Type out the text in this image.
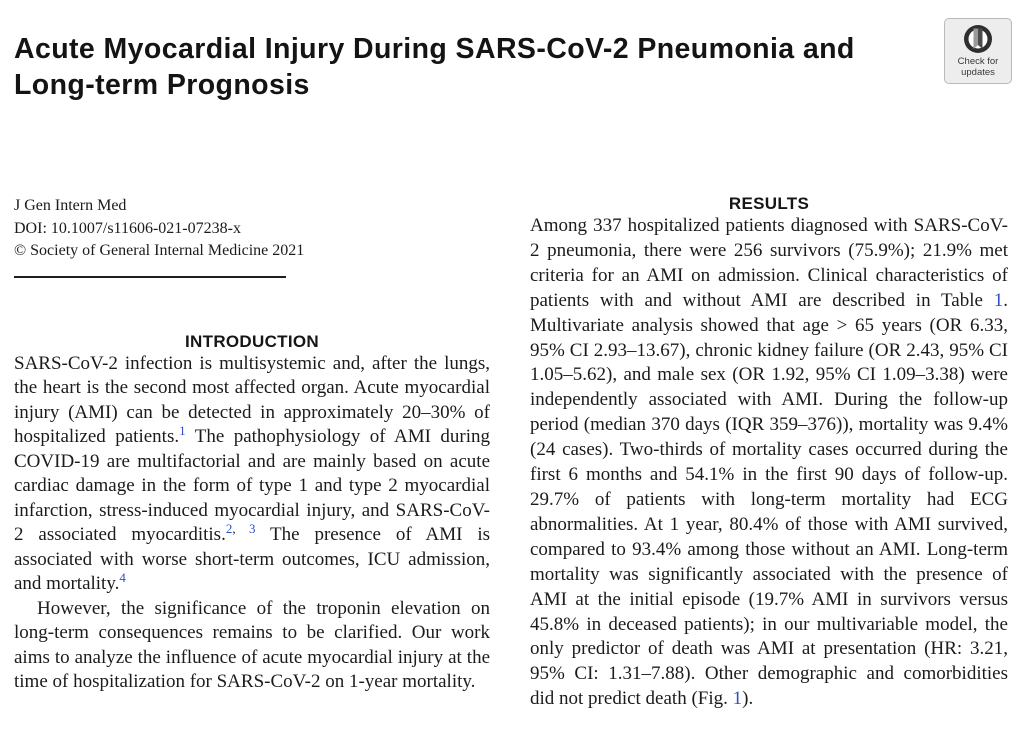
Acute Myocardial Injury During SARS-CoV-2 Pneumonia and Long-term Prognosis
Check for
updates
J Gen Intern Med
DOI: 10.1007/s11606-021-07238-x
© Society of General Internal Medicine 2021
INTRODUCTION

SARS-CoV-2 infection is multisystemic and, after the lungs, the heart is the second most affected organ. Acute myocardial injury (AMI) can be detected in approximately 20–30% of hospitalized patients.$^1$ The pathophysiology of AMI during COVID-19 are multifactorial and are mainly based on acute cardiac damage in the form of type 1 and type 2 myocardial infarction, stress-induced myocardial injury, and SARS-CoV-2 associated myocarditis.$^{2,}$ $^3$ The presence of AMI is associated with worse short-term outcomes, ICU admission, and mortality.$^4$

However, the significance of the troponin elevation on long-term consequences remains to be clarified. Our work aims to analyze the influence of acute myocardial injury at the time of hospitalization for SARS-CoV-2 on 1-year mortality.

RESULTS

Among 337 hospitalized patients diagnosed with SARS-CoV-2 pneumonia, there were 256 survivors (75.9%); 21.9% met criteria for an AMI on admission. Clinical characteristics of patients with and without AMI are described in Table 1. Multivariate analysis showed that age > 65 years (OR 6.33, 95% CI 2.93–13.67), chronic kidney failure (OR 2.43, 95% CI 1.05–5.62), and male sex (OR 1.92, 95% CI 1.09–3.38) were independently associated with AMI. During the follow-up period (median 370 days (IQR 359–376)), mortality was 9.4% (24 cases). Two-thirds of mortality cases occurred during the first 6 months and 54.1% in the first 90 days of follow-up. 29.7% of patients with long-term mortality had ECG abnormalities. At 1 year, 80.4% of those with AMI survived, compared to 93.4% among those without an AMI. Long-term mortality was significantly associated with the presence of AMI at the initial episode (19.7% AMI in survivors versus 45.8% in deceased patients); in our multivariable model, the only predictor of death was AMI at presentation (HR: 3.21, 95% CI: 1.31–7.88). Other demographic and comorbidities did not predict death (Fig. 1).
